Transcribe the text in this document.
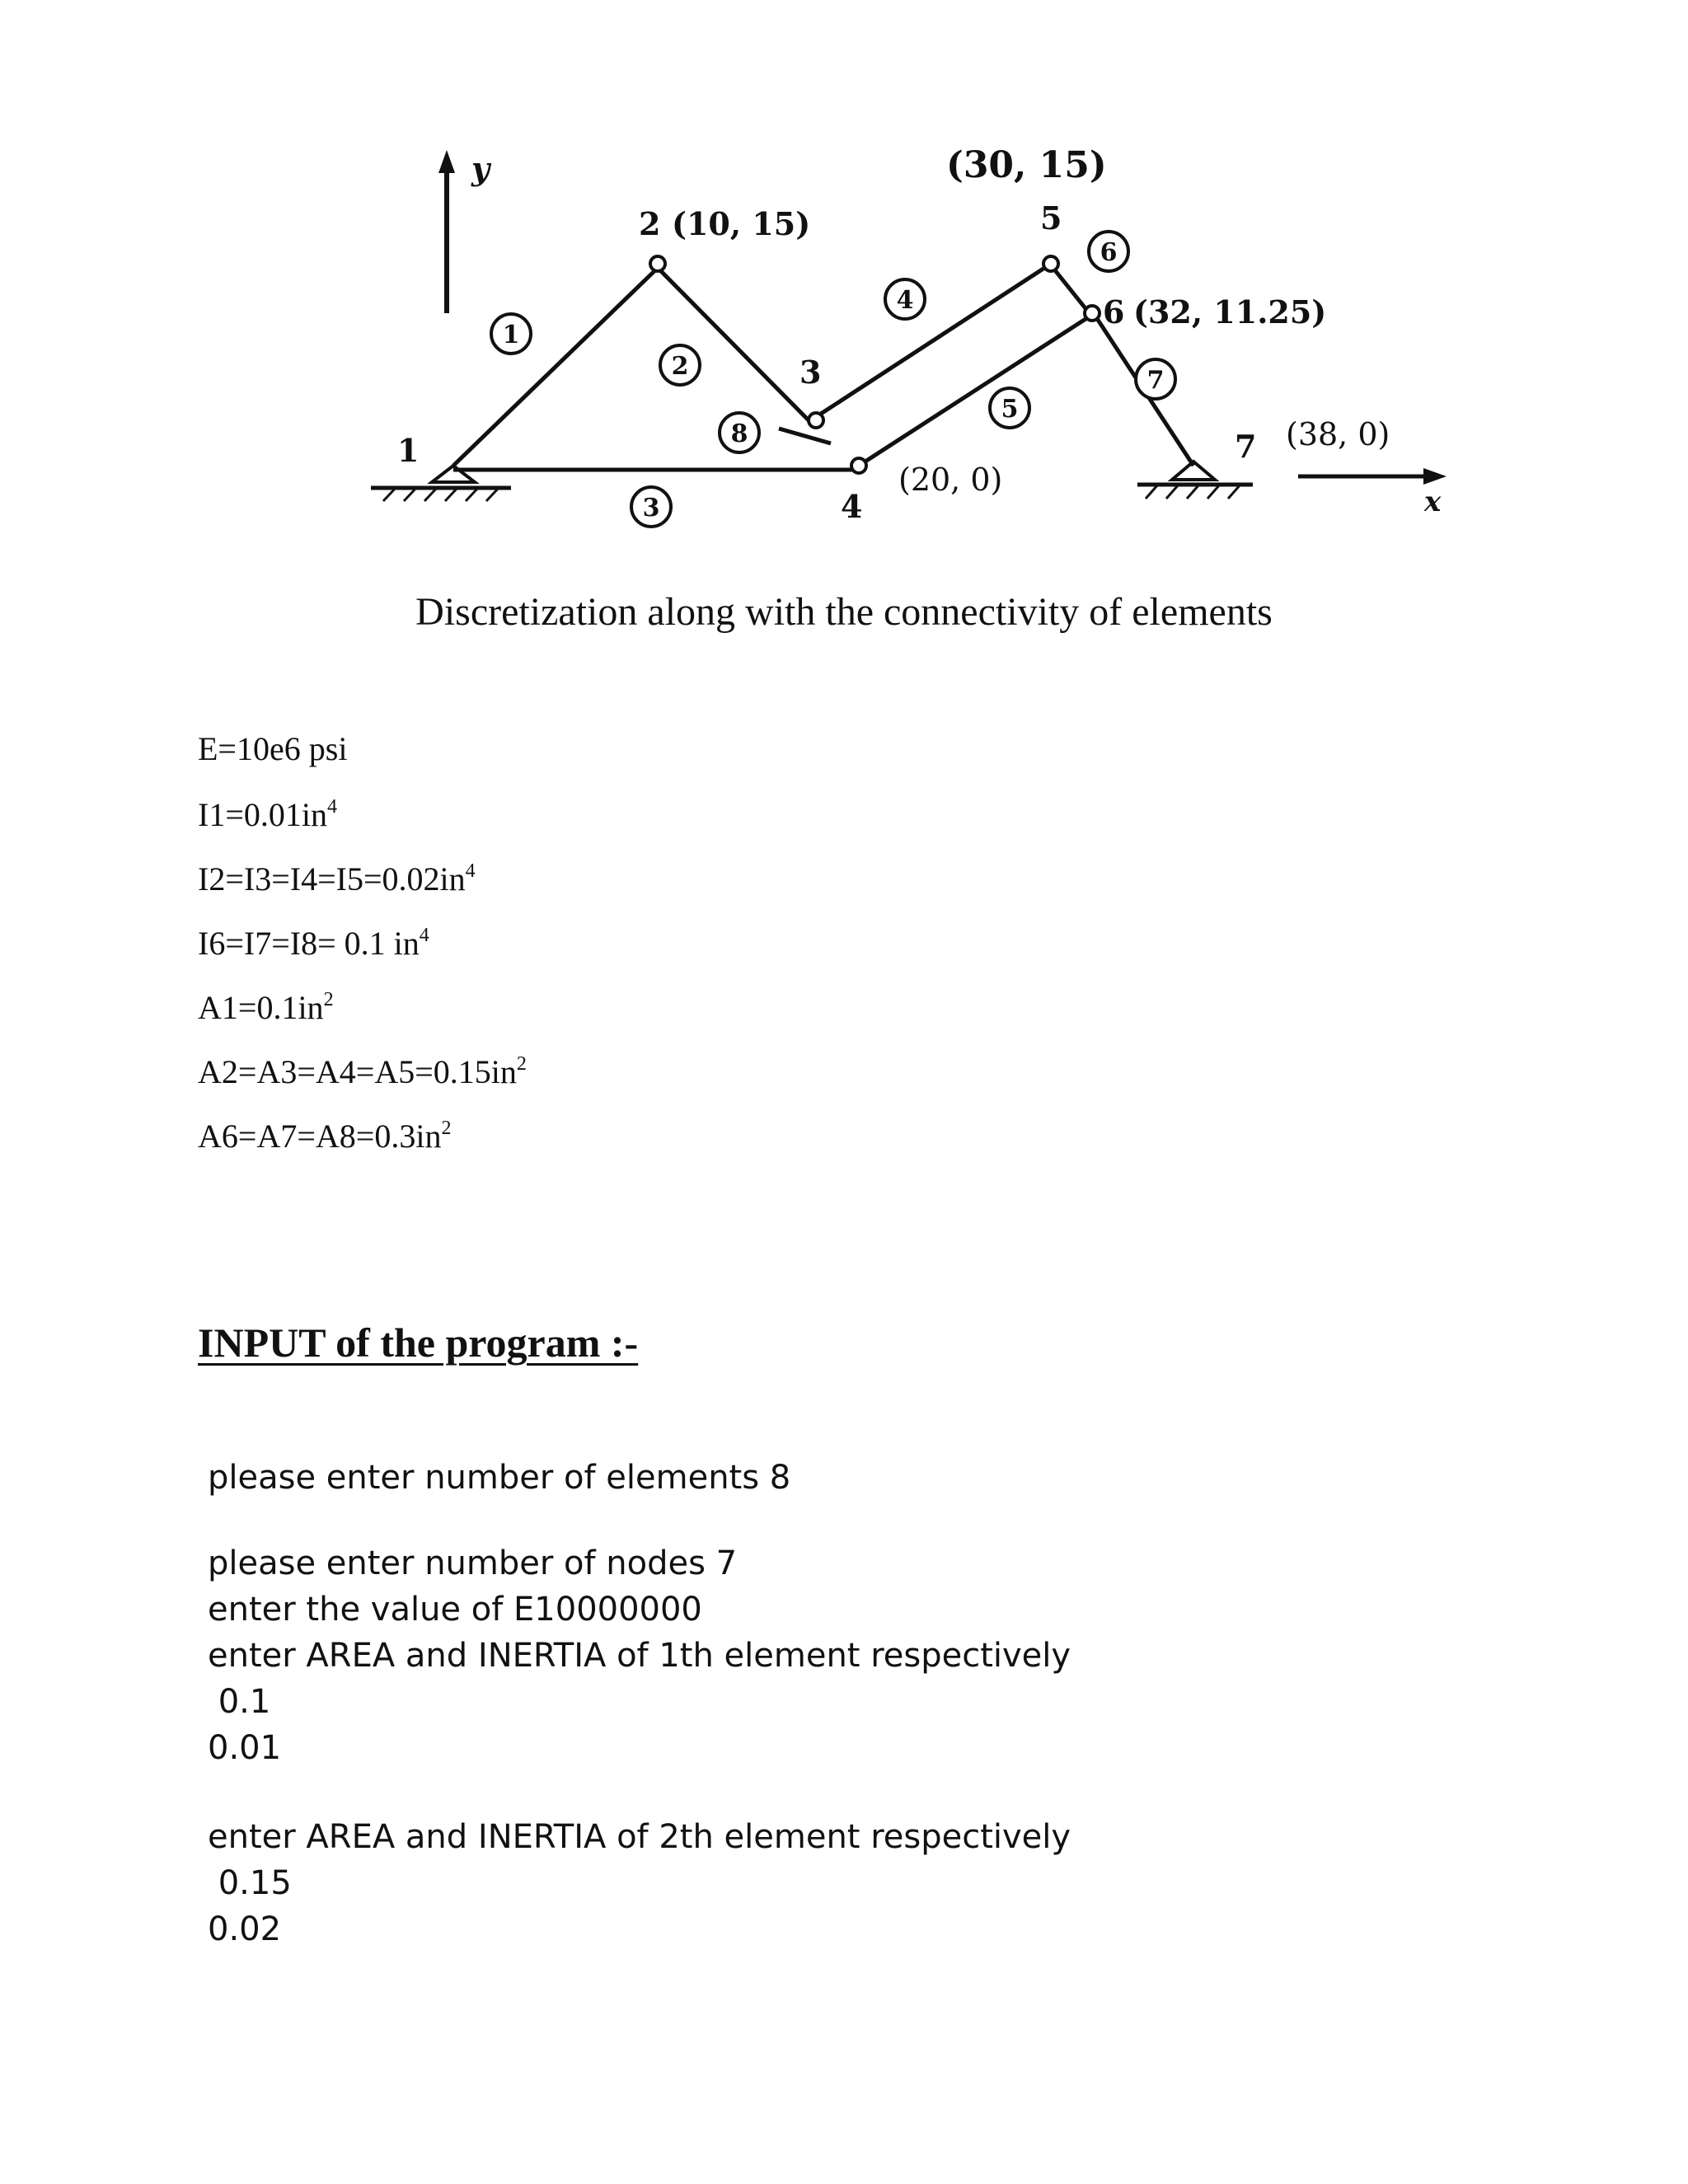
y
x
1
2 (10, 15)
3
4
(20, 0)
5
(30, 15)
6 (32, 11.25)
7 (38, 0)
1
2
3
4
5
6
7
8
Discretization along with the connectivity of elements
E=10e6 psi
$I1=0.01in^4$
$I2=I3=I4=I5=0.02in^4$
I6=I7=I8= 0.1 $in^4$
$A1=0.1in^2$
$A2=A3=A4=A5=0.15in^2$
$A6=A7=A8=0.3in^2$
INPUT of the program :-
please enter number of elements 8
please enter number of nodes 7
enter the value of E10000000
enter AREA and INERTIA of 1th element respectively
0.1
0.01
enter AREA and INERTIA of 2th element respectively
0.15
0.02
